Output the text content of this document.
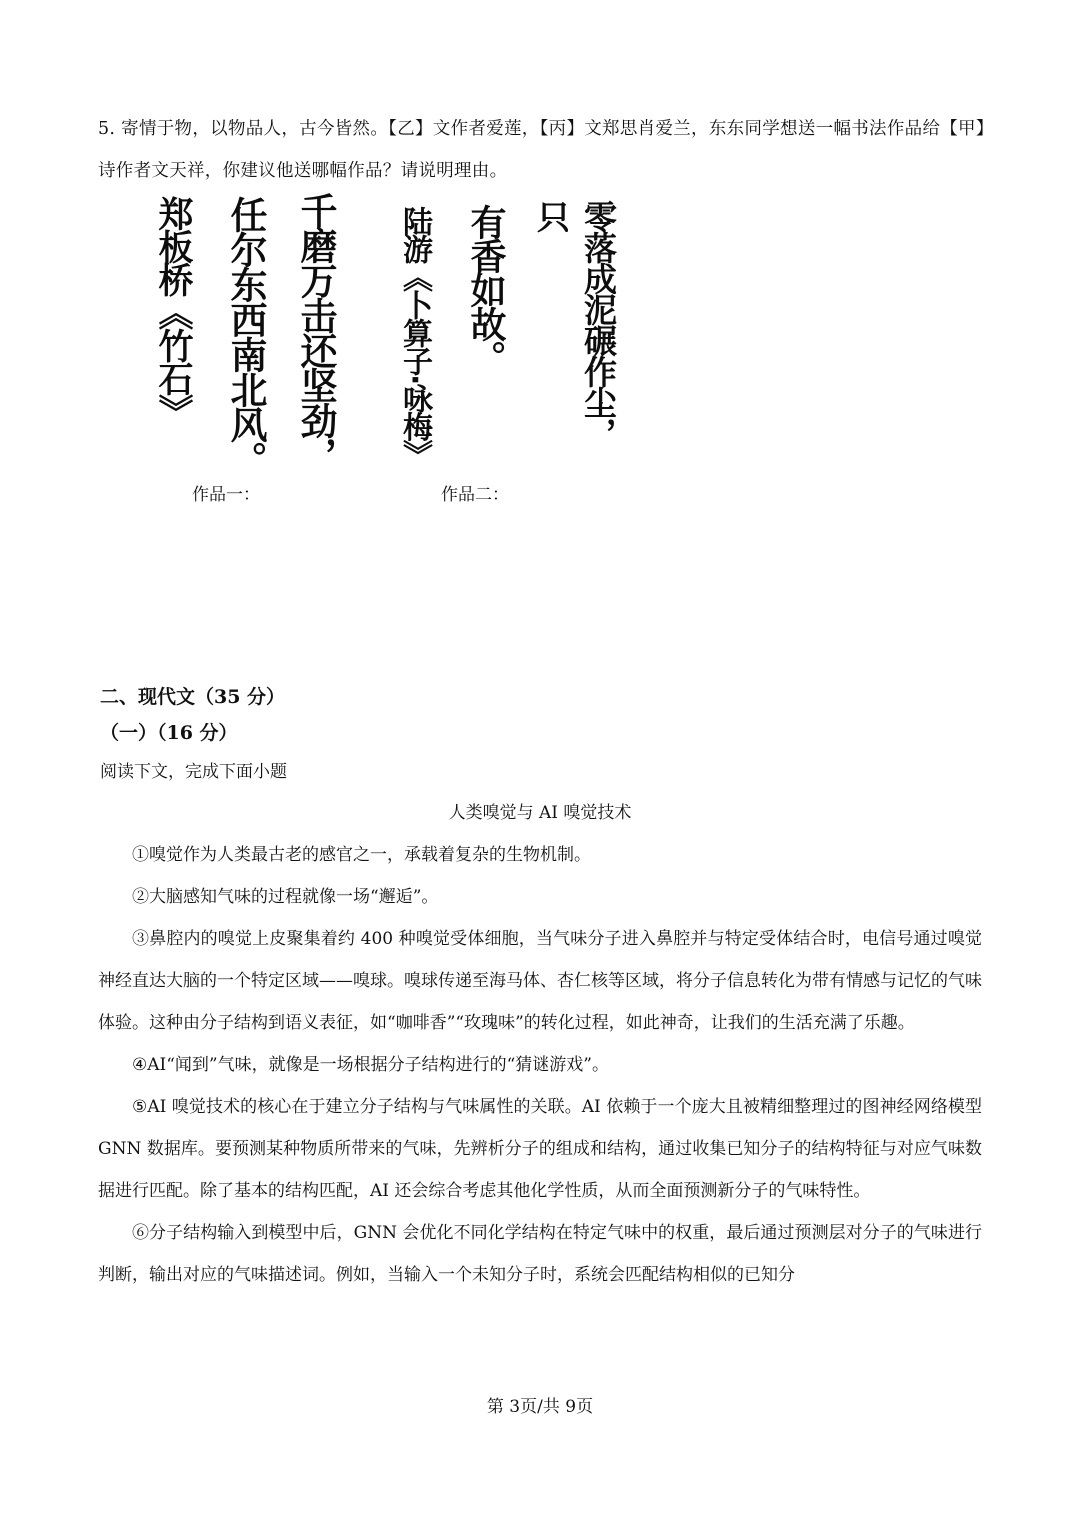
5. 寄情于物，以物品人，古今皆然。【乙】文作者爱莲，【丙】文郑思肖爱兰，东东同学想送一幅书法作品给【甲】诗作者文天祥，你建议他送哪幅作品？请说明理由。
千磨万击还坚劲，
任尔东西南北风。
郑板桥《竹石》
作品一：
零落成泥碾作尘，只
有香如故。
陆游《卜算子·咏梅》
作品二：
二、现代文（35 分）
（一）（16 分）
阅读下文，完成下面小题
人类嗅觉与 AI 嗅觉技术

①嗅觉作为人类最古老的感官之一，承载着复杂的生物机制。

②大脑感知气味的过程就像一场“邂逅”。

③鼻腔内的嗅觉上皮聚集着约 400 种嗅觉受体细胞，当气味分子进入鼻腔并与特定受体结合时，电信号通过嗅觉神经直达大脑的一个特定区域——嗅球。嗅球传递至海马体、杏仁核等区域，将分子信息转化为带有情感与记忆的气味体验。这种由分子结构到语义表征，如“咖啡香”“玫瑰味”的转化过程，如此神奇，让我们的生活充满了乐趣。

④AI“闻到”气味，就像是一场根据分子结构进行的“猜谜游戏”。

⑤AI 嗅觉技术的核心在于建立分子结构与气味属性的关联。AI 依赖于一个庞大且被精细整理过的图神经网络模型 GNN 数据库。要预测某种物质所带来的气味，先辨析分子的组成和结构，通过收集已知分子的结构特征与对应气味数据进行匹配。除了基本的结构匹配，AI 还会综合考虑其他化学性质，从而全面预测新分子的气味特性。

⑥分子结构输入到模型中后，GNN 会优化不同化学结构在特定气味中的权重，最后通过预测层对分子的气味进行判断，输出对应的气味描述词。例如，当输入一个未知分子时，系统会匹配结构相似的已知分

第 3页/共 9页
